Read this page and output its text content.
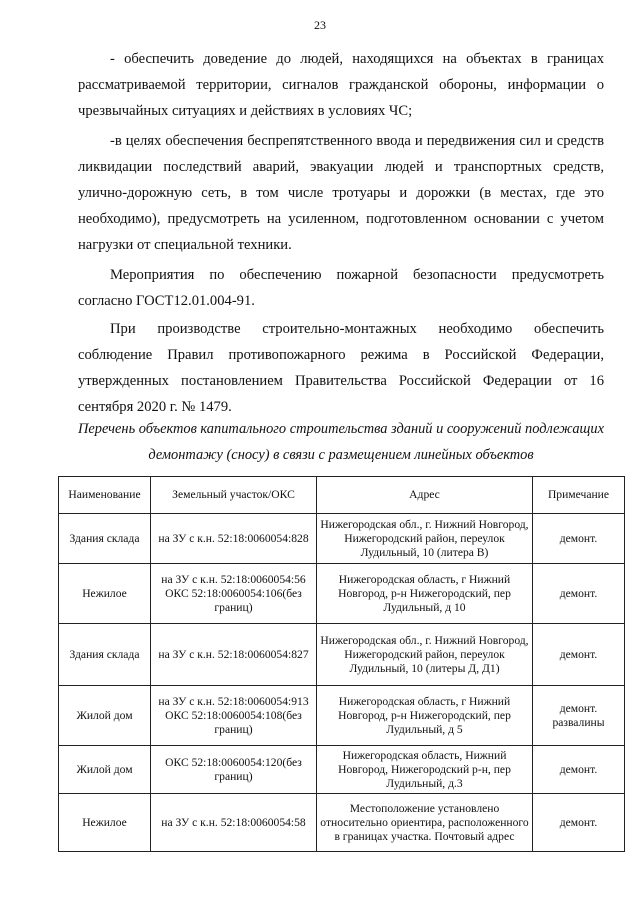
23

- обеспечить доведение до людей, находящихся на объектах в границах рассматриваемой территории, сигналов гражданской обороны, информации о чрезвычайных ситуациях и действиях в условиях ЧС;

-в целях обеспечения беспрепятственного ввода и передвижения сил и средств ликвидации последствий аварий, эвакуации людей и транспортных средств, улично-дорожную сеть, в том числе тротуары и дорожки (в местах, где это необходимо), предусмотреть на усиленном, подготовленном основании с учетом нагрузки от специальной техники.

Мероприятия по обеспечению пожарной безопасности предусмотреть согласно ГОСТ12.01.004-91.

При производстве строительно-монтажных необходимо обеспечить соблюдение Правил противопожарного режима в Российской Федерации, утвержденных постановлением Правительства Российской Федерации от 16 сентября 2020 г. № 1479.

Перечень объектов капитального строительства зданий и сооружений подлежащих демонтажу (сносу) в связи с размещением линейных объектов

Наименование	Земельный участок/ОКС	Адрес	Примечание
Здания склада	на ЗУ с к.н. 52:18:0060054:828	Нижегородская обл., г. Нижний Новгород, Нижегородский район, переулок Лудильный, 10 (литера В)	демонт.
Нежилое	на ЗУ с к.н. 52:18:0060054:56 ОКС 52:18:0060054:106(без границ)	Нижегородская область, г Нижний Новгород, р-н Нижегородский, пер Лудильный, д 10	демонт.
Здания склада	на ЗУ с к.н. 52:18:0060054:827	Нижегородская обл., г. Нижний Новгород, Нижегородский район, переулок Лудильный, 10 (литеры Д, Д1)	демонт.
Жилой дом	на ЗУ с к.н. 52:18:0060054:913 ОКС 52:18:0060054:108(без границ)	Нижегородская область, г Нижний Новгород, р-н Нижегородский, пер Лудильный, д 5	демонт. развалины
Жилой дом	ОКС 52:18:0060054:120(без границ)	Нижегородская область, Нижний Новгород, Нижегородский р-н, пер Лудильный, д.3	демонт.
Нежилое	на ЗУ с к.н. 52:18:0060054:58	Местоположение установлено относительно ориентира, расположенного в границах участка. Почтовый адрес	демонт.
